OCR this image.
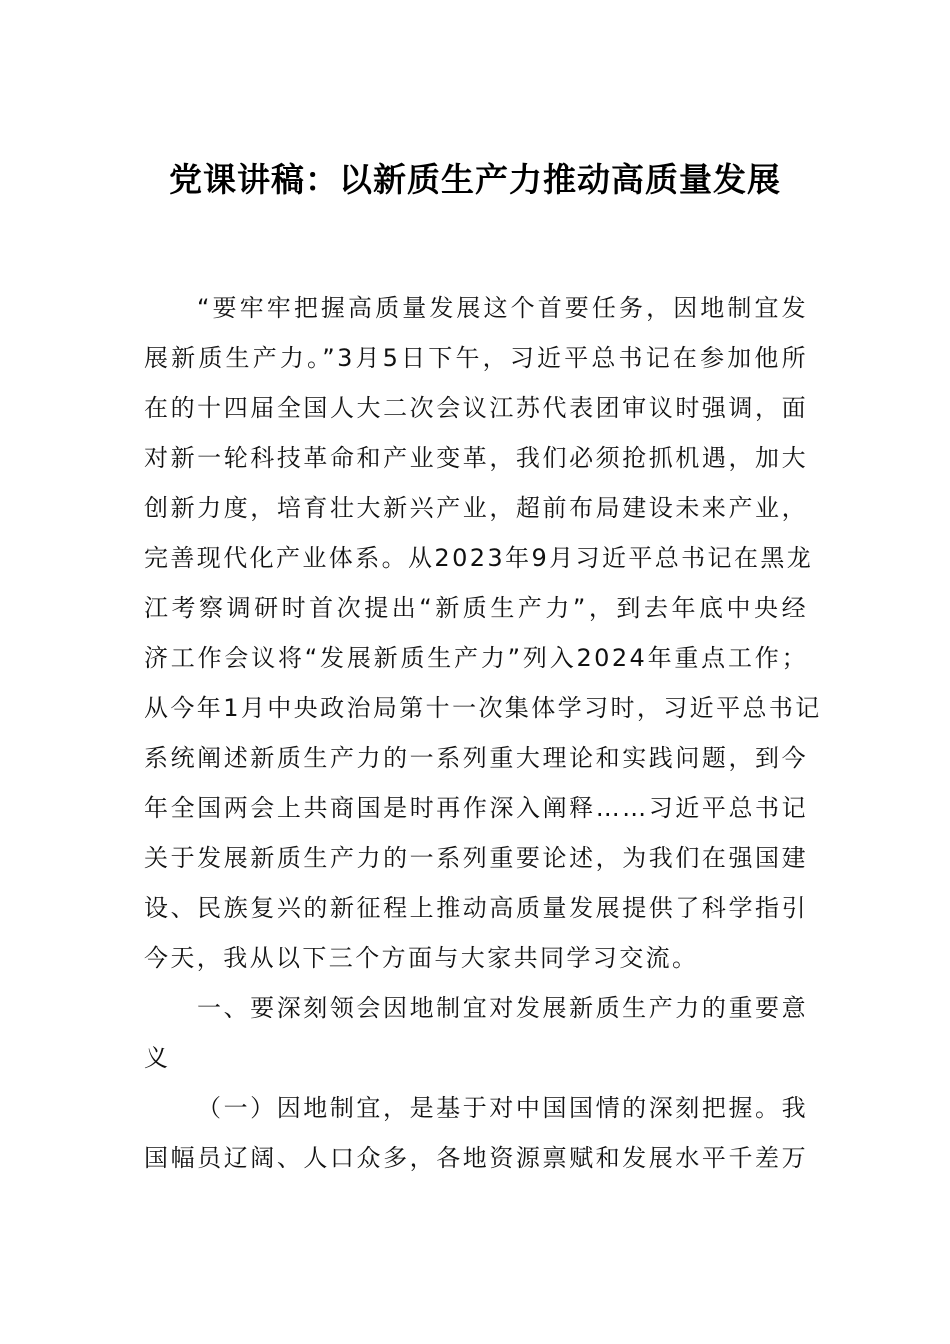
党课讲稿：以新质生产力推动高质量发展
“要牢牢把握高质量发展这个首要任务，因地制宜发
展新质生产力。”3月5日下午，习近平总书记在参加他所
在的十四届全国人大二次会议江苏代表团审议时强调，面
对新一轮科技革命和产业变革，我们必须抢抓机遇，加大
创新力度，培育壮大新兴产业，超前布局建设未来产业，
完善现代化产业体系。从2023年9月习近平总书记在黑龙
江考察调研时首次提出“新质生产力”，到去年底中央经
济工作会议将“发展新质生产力”列入2024年重点工作；
从今年1月中央政治局第十一次集体学习时，习近平总书记
系统阐述新质生产力的一系列重大理论和实践问题，到今
年全国两会上共商国是时再作深入阐释……习近平总书记
关于发展新质生产力的一系列重要论述，为我们在强国建
设、民族复兴的新征程上推动高质量发展提供了科学指引
今天，我从以下三个方面与大家共同学习交流。
一、要深刻领会因地制宜对发展新质生产力的重要意
义
（一）因地制宜，是基于对中国国情的深刻把握。我
国幅员辽阔、人口众多，各地资源禀赋和发展水平千差万
